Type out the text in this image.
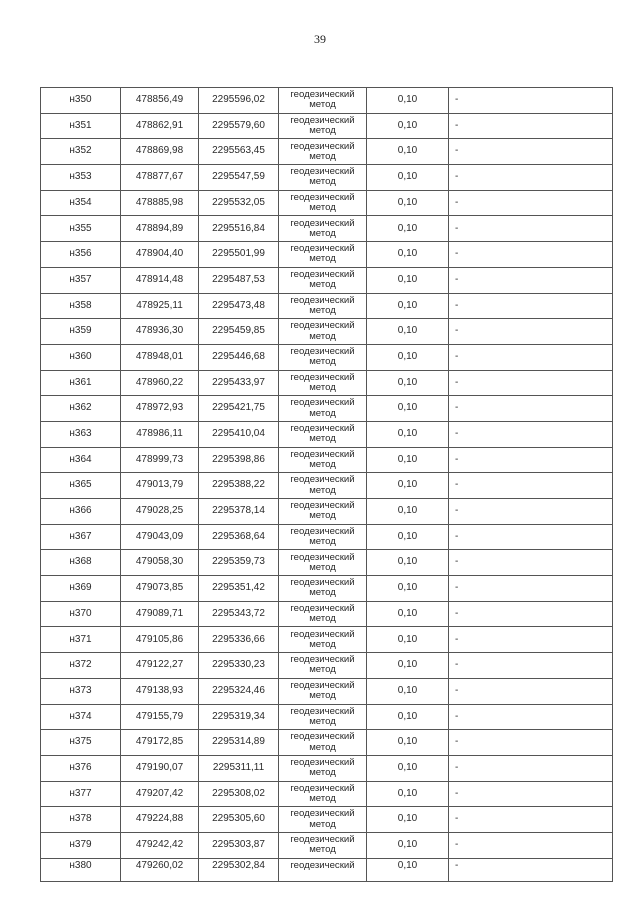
39
н350	478856,49	2295596,02	геодезический метод	0,10	-
н351	478862,91	2295579,60	геодезический метод	0,10	-
н352	478869,98	2295563,45	геодезический метод	0,10	-
н353	478877,67	2295547,59	геодезический метод	0,10	-
н354	478885,98	2295532,05	геодезический метод	0,10	-
н355	478894,89	2295516,84	геодезический метод	0,10	-
н356	478904,40	2295501,99	геодезический метод	0,10	-
н357	478914,48	2295487,53	геодезический метод	0,10	-
н358	478925,11	2295473,48	геодезический метод	0,10	-
н359	478936,30	2295459,85	геодезический метод	0,10	-
н360	478948,01	2295446,68	геодезический метод	0,10	-
н361	478960,22	2295433,97	геодезический метод	0,10	-
н362	478972,93	2295421,75	геодезический метод	0,10	-
н363	478986,11	2295410,04	геодезический метод	0,10	-
н364	478999,73	2295398,86	геодезический метод	0,10	-
н365	479013,79	2295388,22	геодезический метод	0,10	-
н366	479028,25	2295378,14	геодезический метод	0,10	-
н367	479043,09	2295368,64	геодезический метод	0,10	-
н368	479058,30	2295359,73	геодезический метод	0,10	-
н369	479073,85	2295351,42	геодезический метод	0,10	-
н370	479089,71	2295343,72	геодезический метод	0,10	-
н371	479105,86	2295336,66	геодезический метод	0,10	-
н372	479122,27	2295330,23	геодезический метод	0,10	-
н373	479138,93	2295324,46	геодезический метод	0,10	-
н374	479155,79	2295319,34	геодезический метод	0,10	-
н375	479172,85	2295314,89	геодезический метод	0,10	-
н376	479190,07	2295311,11	геодезический метод	0,10	-
н377	479207,42	2295308,02	геодезический метод	0,10	-
н378	479224,88	2295305,60	геодезический метод	0,10	-
н379	479242,42	2295303,87	геодезический метод	0,10	-
н380	479260,02	2295302,84	геодезический	0,10	-
